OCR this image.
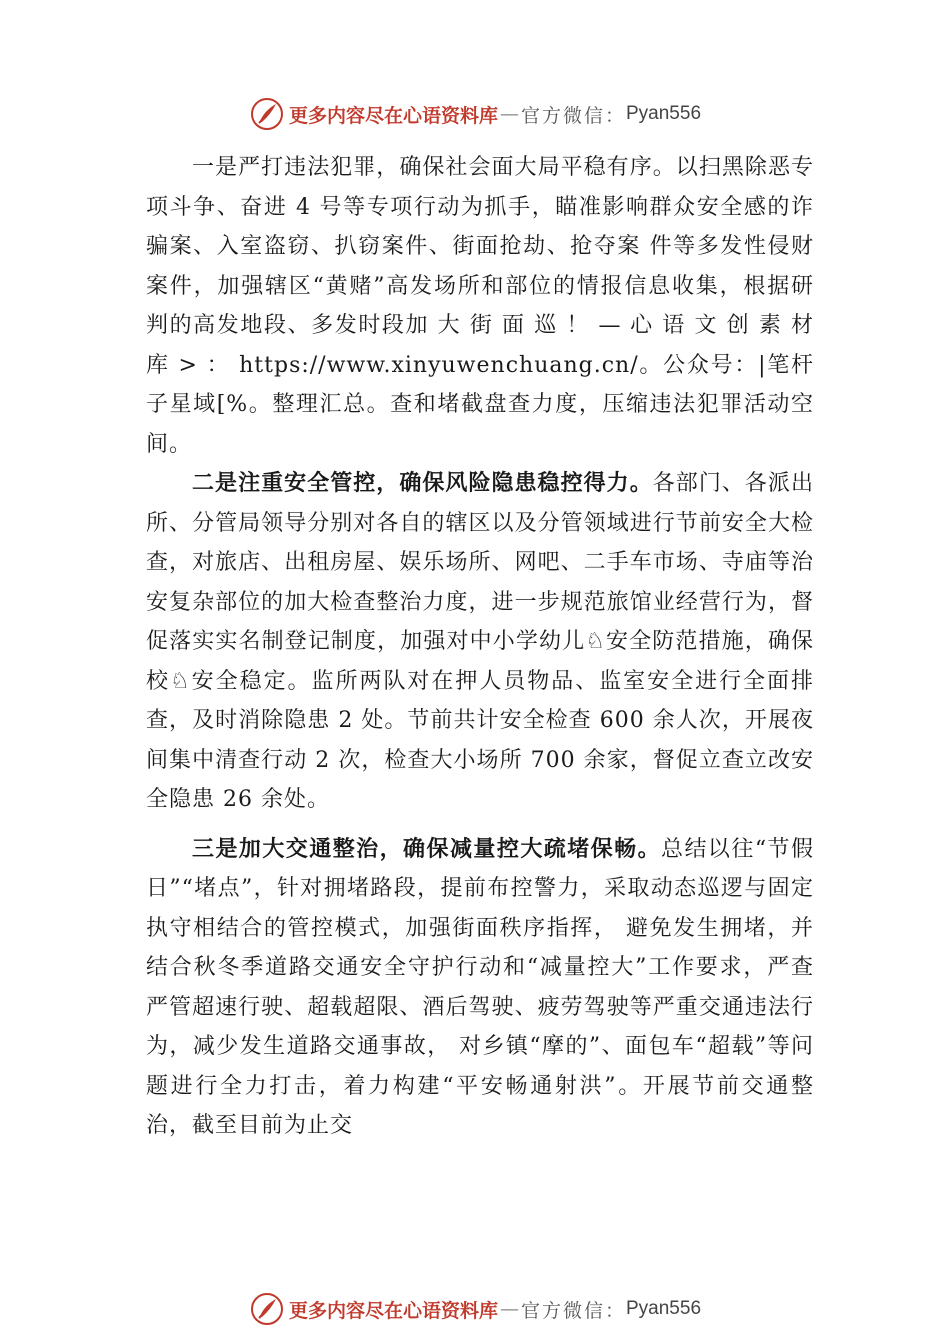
更多内容尽在心语资料库 — 官方微信： Pyan556

一是严打违法犯罪，确保社会面大局平稳有序。以扫黑除恶专项斗争、奋进 4 号等专项行动为抓手，瞄准影响群众安全感的诈骗案、入室盗窃、扒窃案件、街面抢劫、抢夺案 件等多发性侵财案件，加强辖区“黄赌”高发场所和部位的情报信息收集，根据研判的高发地段、多发时段加 大 街 面 巡 ！ — 心 语 文 创 素 材 库 > ： https://www.xinyuwenchuang.cn/。公众号：|笔杆子星域[%。整理汇总。查和堵截盘查力度，压缩违法犯罪活动空间。

二是注重安全管控，确保风险隐患稳控得力。各部门、各派出所、分管局领导分别对各自的辖区以及分管领域进行节前安全大检查，对旅店、出租房屋、娱乐场所、网吧、二手车市场、寺庙等治安复杂部位的加大检查整治力度，进一步规范旅馆业经营行为，督促落实实名制登记制度，加强对中小学幼儿♘安全防范措施，确保校♘安全稳定。监所两队对在押人员物品、监室安全进行全面排查，及时消除隐患 2 处。节前共计安全检查 600 余人次，开展夜间集中清查行动 2 次，检查大小场所 700 余家，督促立查立改安全隐患 26 余处。

三是加大交通整治，确保减量控大疏堵保畅。总结以往“节假日”“堵点”，针对拥堵路段，提前布控警力，采取动态巡逻与固定执守相结合的管控模式，加强街面秩序指挥， 避免发生拥堵，并结合秋冬季道路交通安全守护行动和“减量控大”工作要求，严查严管超速行驶、超载超限、酒后驾驶、疲劳驾驶等严重交通违法行为，减少发生道路交通事故， 对乡镇“摩的”、面包车“超载”等问题进行全力打击，着力构建“平安畅通射洪”。开展节前交通整治，截至目前为止交

更多内容尽在心语资料库 — 官方微信： Pyan556
